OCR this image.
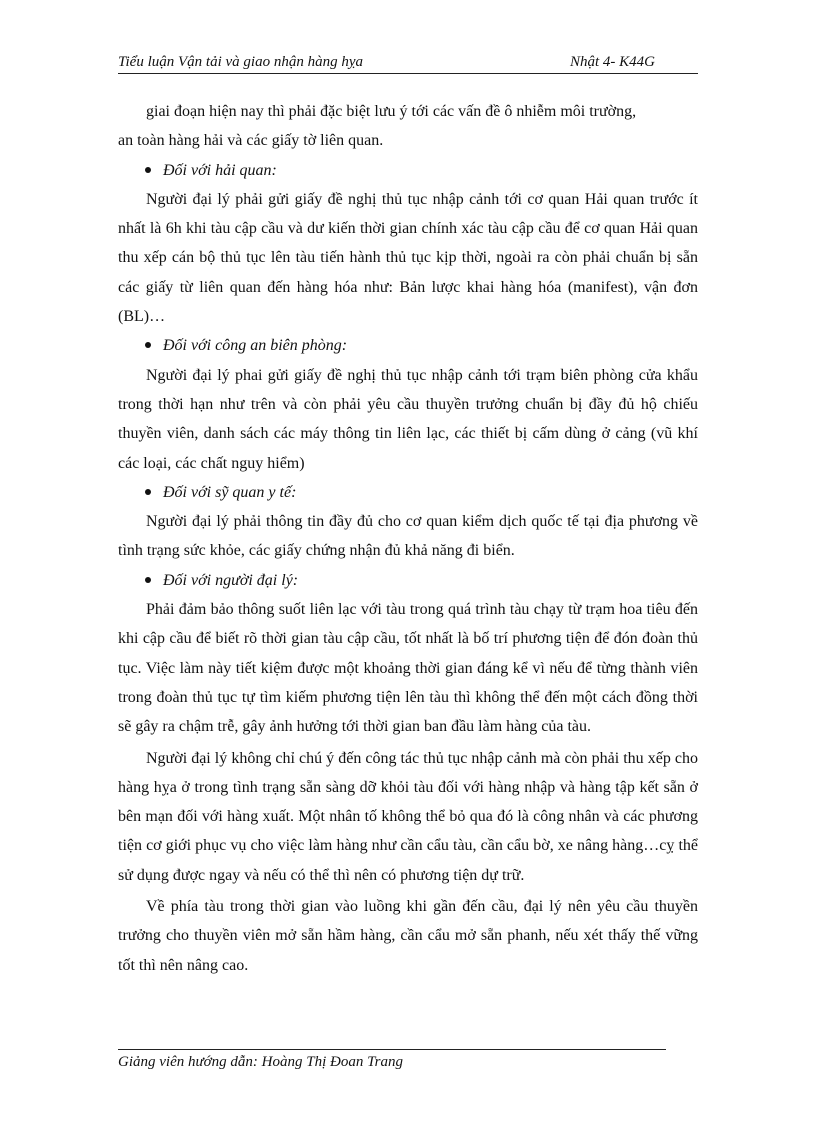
Tiểu luận Vận tải và giao nhận hàng hỵa	Nhật 4- K44G

giai đoạn hiện nay thì phải đặc biệt lưu ý tới các vấn đề ô nhiễm môi trường,

an toàn hàng hải và các giấy tờ liên quan.

Đối với hải quan:

Người đại lý phải gửi giấy đề nghị thủ tục nhập cảnh tới cơ quan Hải quan trước ít nhất là 6h khi tàu cập cầu và dư kiến thời gian chính xác tàu cập cầu để cơ quan Hải quan thu xếp cán bộ thủ tục lên tàu tiến hành thủ tục kịp thời, ngoài ra còn phải chuẩn bị sẵn các giấy từ liên quan đến hàng hóa như: Bản lược khai hàng hóa (manifest), vận đơn (BL)…

Đối với công an biên phòng:

Người đại lý phai gửi giấy đề nghị thủ tục nhập cảnh tới trạm biên phòng cửa khẩu trong thời hạn như trên và còn phải yêu cầu thuyền trưởng chuẩn bị đầy đủ hộ chiếu thuyền viên, danh sách các máy thông tin liên lạc, các thiết bị cấm dùng ở cảng (vũ khí các loại, các chất nguy hiểm)

Đối với sỹ quan y tế:

Người đại lý phải thông tin đầy đủ cho cơ quan kiểm dịch quốc tế tại địa phương về tình trạng sức khỏe, các giấy chứng nhận đủ khả năng đi biển.

Đối với người đại lý:

Phải đảm bảo thông suốt liên lạc với tàu trong quá trình tàu chạy từ trạm hoa tiêu đến khi cập cầu để biết rõ thời gian tàu cập cầu, tốt nhất là bố trí phương tiện để đón đoàn thủ tục. Việc làm này tiết kiệm được một khoảng thời gian đáng kể vì nếu để từng thành viên trong đoàn thủ tục tự tìm kiếm phương tiện lên tàu thì không thể đến một cách đồng thời sẽ gây ra chậm trễ, gây ảnh hưởng tới thời gian ban đầu làm hàng của tàu.

Người đại lý không chỉ chú ý đến công tác thủ tục nhập cảnh mà còn phải thu xếp cho hàng hỵa ở trong tình trạng sẵn sàng dỡ khỏi tàu đối với hàng nhập và hàng tập kết sẵn ở bên mạn đối với hàng xuất. Một nhân tố không thể bỏ qua đó là công nhân và các phương tiện cơ giới phục vụ cho việc làm hàng như cần cẩu tàu, cần cẩu bờ, xe nâng hàng…cỵ thể sử dụng được ngay và nếu có thể thì nên có phương tiện dự trữ.

Về phía tàu trong thời gian vào luồng khi gần đến cầu, đại lý nên yêu cầu thuyền trưởng cho thuyền viên mở sẵn hầm hàng, cần cẩu mở sẵn phanh, nếu xét thấy thế vững tốt thì nên nâng cao.

Giảng viên hướng dẫn: Hoàng Thị Đoan Trang
